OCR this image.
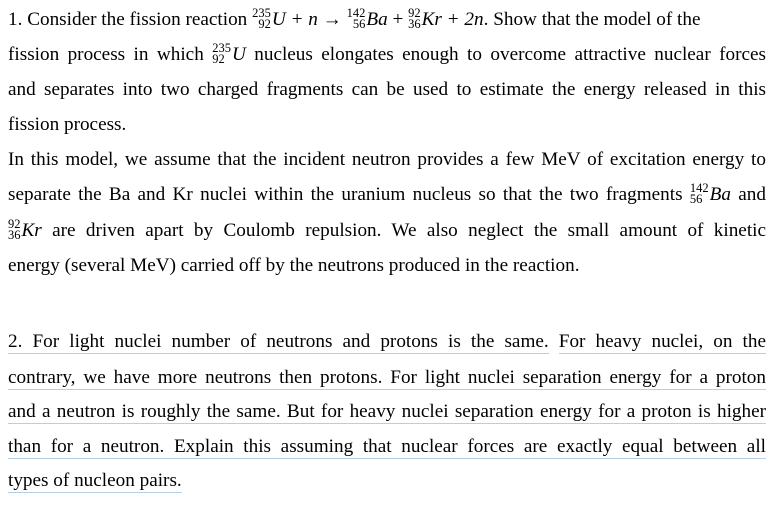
1. Consider the fission reaction 235
92 U + n → 142
56 Ba + 92
36 Kr + 2n. Show that the model of the
fission process in which 235
92 U nucleus elongates enough to overcome attractive nuclear forces
and separates into two charged fragments can be used to estimate the energy released in this
fission process.
In this model, we assume that the incident neutron provides a few MeV of excitation energy to
separate the Ba and Kr nuclei within the uranium nucleus so that the two fragments 142
56 Ba and
92
36 Kr are driven apart by Coulomb repulsion. We also neglect the small amount of kinetic
energy (several MeV) carried off by the neutrons produced in the reaction.
2. For light nuclei number of neutrons and protons is the same. For heavy nuclei, on the
contrary, we have more neutrons then protons. For light nuclei separation energy for a proton
and a neutron is roughly the same. But for heavy nuclei separation energy for a proton is higher
than for a neutron. Explain this assuming that nuclear forces are exactly equal between all
types of nucleon pairs.
